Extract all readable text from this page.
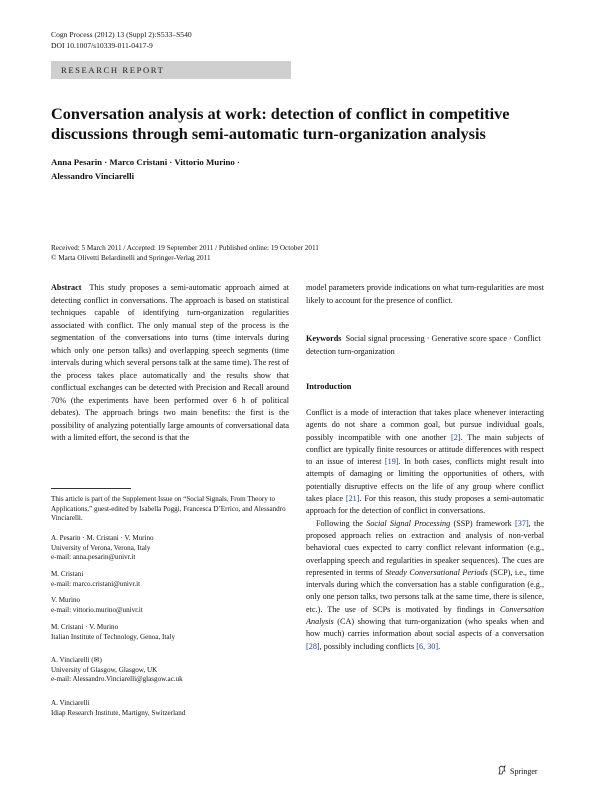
Cogn Process (2012) 13 (Suppl 2):S533–S540
DOI 10.1007/s10339-011-0417-9
RESEARCH REPORT
Conversation analysis at work: detection of conflict in competitive discussions through semi-automatic turn-organization analysis
Anna Pesarin · Marco Cristani · Vittorio Murino ·
Alessandro Vinciarelli
Received: 5 March 2011 / Accepted: 19 September 2011 / Published online: 19 October 2011
© Marta Olivetti Belardinelli and Springer-Verlag 2011
Abstract This study proposes a semi-automatic approach aimed at detecting conflict in conversations. The approach is based on statistical techniques capable of identifying turn-organization regularities associated with conflict. The only manual step of the process is the segmentation of the conversations into turns (time intervals during which only one person talks) and overlapping speech segments (time intervals during which several persons talk at the same time). The rest of the process takes place automatically and the results show that conflictual exchanges can be detected with Precision and Recall around 70% (the experiments have been performed over 6 h of political debates). The approach brings two main benefits: the first is the possibility of analyzing potentially large amounts of conversational data with a limited effort, the second is that the
model parameters provide indications on what turn-regularities are most likely to account for the presence of conflict.
Keywords Social signal processing · Generative score space · Conflict detection turn-organization
This article is part of the Supplement Issue on “Social Signals. From Theory to Applications,” guest-edited by Isabella Poggi, Francesca D’Errico, and Alessandro Vinciarelli.
A. Pesarin · M. Cristani · V. Murino
University of Verona, Verona, Italy
e-mail: anna.pesarin@univr.it
M. Cristani
e-mail: marco.cristani@univr.it
V. Murino
e-mail: vittorio.murino@univr.it
M. Cristani · V. Murino
Italian Institute of Technology, Genoa, Italy
A. Vinciarelli (✉)
University of Glasgow, Glasgow, UK
e-mail: Alessandro.Vinciarelli@glasgow.ac.uk
A. Vinciarelli
Idiap Research Institute, Martigny, Switzerland
Introduction

Conflict is a mode of interaction that takes place whenever interacting agents do not share a common goal, but pursue individual goals, possibly incompatible with one another [2]. The main subjects of conflict are typically finite resources or attitude differences with respect to an issue of interest [19]. In both cases, conflicts might result into attempts of damaging or limiting the opportunities of others, with potentially disruptive effects on the life of any group where conflict takes place [21]. For this reason, this study proposes a semi-automatic approach for the detection of conflict in conversations.

Following the Social Signal Processing (SSP) framework [37], the proposed approach relies on extraction and analysis of non-verbal behavioral cues expected to carry conflict relevant information (e.g., overlapping speech and regularities in speaker sequences). The cues are represented in terms of Steady Conversational Periods (SCP), i.e., time intervals during which the conversation has a stable configuration (e.g., only one person talks, two persons talk at the same time, there is silence, etc.). The use of SCPs is motivated by findings in Conversation Analysis (CA) showing that turn-organization (who speaks when and how much) carries information about social aspects of a conversation [28], possibly including conflicts [6, 30].

Springer
